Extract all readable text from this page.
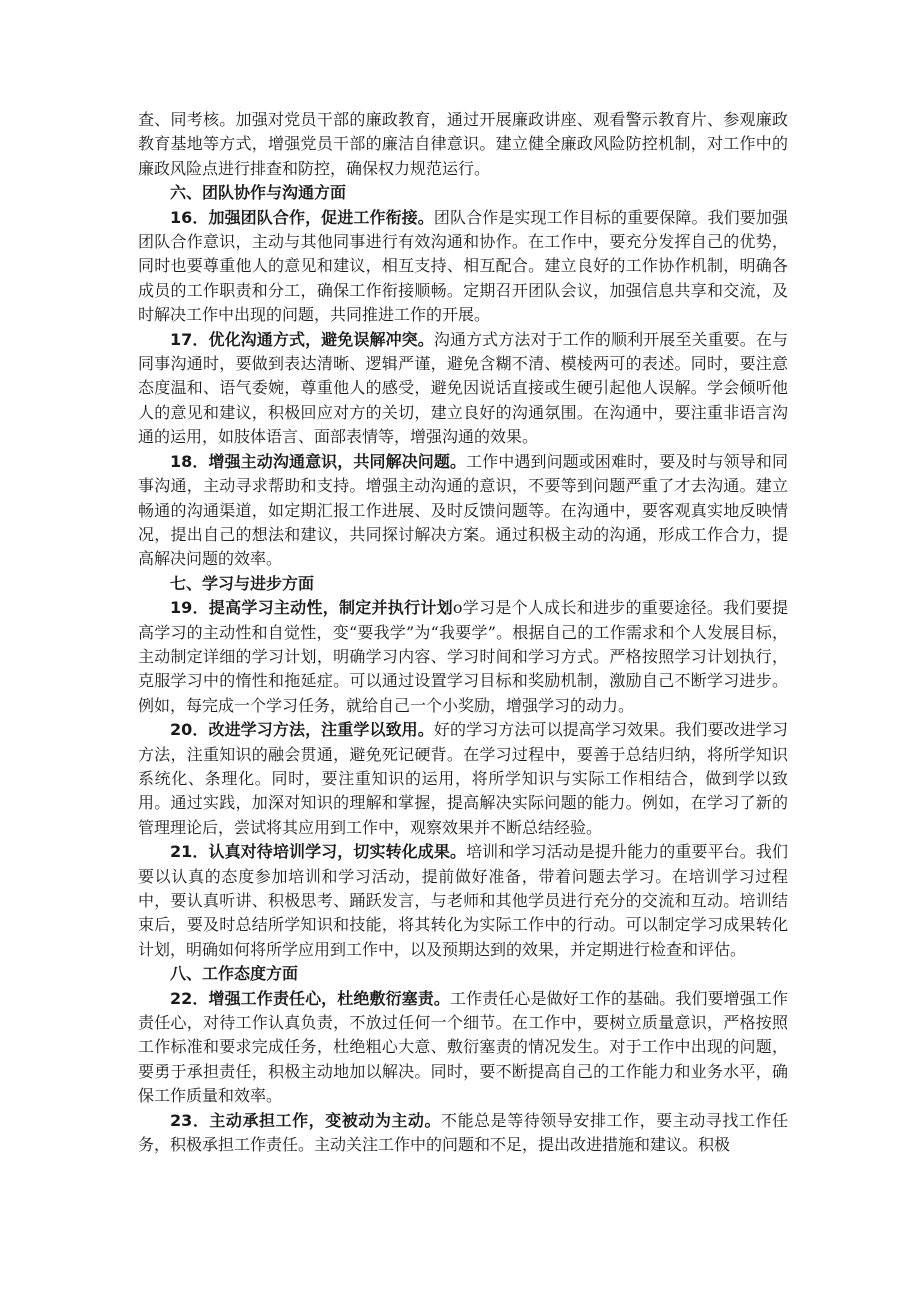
查、同考核。加强对党员干部的廉政教育，通过开展廉政讲座、观看警示教育片、参观廉政教育基地等方式，增强党员干部的廉洁自律意识。建立健全廉政风险防控机制，对工作中的廉政风险点进行排查和防控，确保权力规范运行。

六、团队协作与沟通方面

16．加强团队合作，促进工作衔接。团队合作是实现工作目标的重要保障。我们要加强团队合作意识，主动与其他同事进行有效沟通和协作。在工作中，要充分发挥自己的优势，同时也要尊重他人的意见和建议，相互支持、相互配合。建立良好的工作协作机制，明确各成员的工作职责和分工，确保工作衔接顺畅。定期召开团队会议，加强信息共享和交流，及时解决工作中出现的问题，共同推进工作的开展。

17．优化沟通方式，避免误解冲突。沟通方式方法对于工作的顺利开展至关重要。在与同事沟通时，要做到表达清晰、逻辑严谨，避免含糊不清、模棱两可的表述。同时，要注意态度温和、语气委婉，尊重他人的感受，避免因说话直接或生硬引起他人误解。学会倾听他人的意见和建议，积极回应对方的关切，建立良好的沟通氛围。在沟通中，要注重非语言沟通的运用，如肢体语言、面部表情等，增强沟通的效果。

18．增强主动沟通意识，共同解决问题。工作中遇到问题或困难时，要及时与领导和同事沟通，主动寻求帮助和支持。增强主动沟通的意识，不要等到问题严重了才去沟通。建立畅通的沟通渠道，如定期汇报工作进展、及时反馈问题等。在沟通中，要客观真实地反映情况，提出自己的想法和建议，共同探讨解决方案。通过积极主动的沟通，形成工作合力，提高解决问题的效率。

七、学习与进步方面

19．提高学习主动性，制定并执行计划o学习是个人成长和进步的重要途径。我们要提高学习的主动性和自觉性，变“要我学”为“我要学”。根据自己的工作需求和个人发展目标，主动制定详细的学习计划，明确学习内容、学习时间和学习方式。严格按照学习计划执行，克服学习中的惰性和拖延症。可以通过设置学习目标和奖励机制，激励自己不断学习进步。例如，每完成一个学习任务，就给自己一个小奖励，增强学习的动力。

20．改进学习方法，注重学以致用。好的学习方法可以提高学习效果。我们要改进学习方法，注重知识的融会贯通，避免死记硬背。在学习过程中，要善于总结归纳，将所学知识系统化、条理化。同时，要注重知识的运用，将所学知识与实际工作相结合，做到学以致用。通过实践，加深对知识的理解和掌握，提高解决实际问题的能力。例如，在学习了新的管理理论后，尝试将其应用到工作中，观察效果并不断总结经验。

21．认真对待培训学习，切实转化成果。培训和学习活动是提升能力的重要平台。我们要以认真的态度参加培训和学习活动，提前做好准备，带着问题去学习。在培训学习过程中，要认真听讲、积极思考、踊跃发言，与老师和其他学员进行充分的交流和互动。培训结束后，要及时总结所学知识和技能，将其转化为实际工作中的行动。可以制定学习成果转化计划，明确如何将所学应用到工作中，以及预期达到的效果，并定期进行检查和评估。

八、工作态度方面

22．增强工作责任心，杜绝敷衍塞责。工作责任心是做好工作的基础。我们要增强工作责任心，对待工作认真负责，不放过任何一个细节。在工作中，要树立质量意识，严格按照工作标准和要求完成任务，杜绝粗心大意、敷衍塞责的情况发生。对于工作中出现的问题，要勇于承担责任，积极主动地加以解决。同时，要不断提高自己的工作能力和业务水平，确保工作质量和效率。

23．主动承担工作，变被动为主动。不能总是等待领导安排工作，要主动寻找工作任务，积极承担工作责任。主动关注工作中的问题和不足，提出改进措施和建议。积极
